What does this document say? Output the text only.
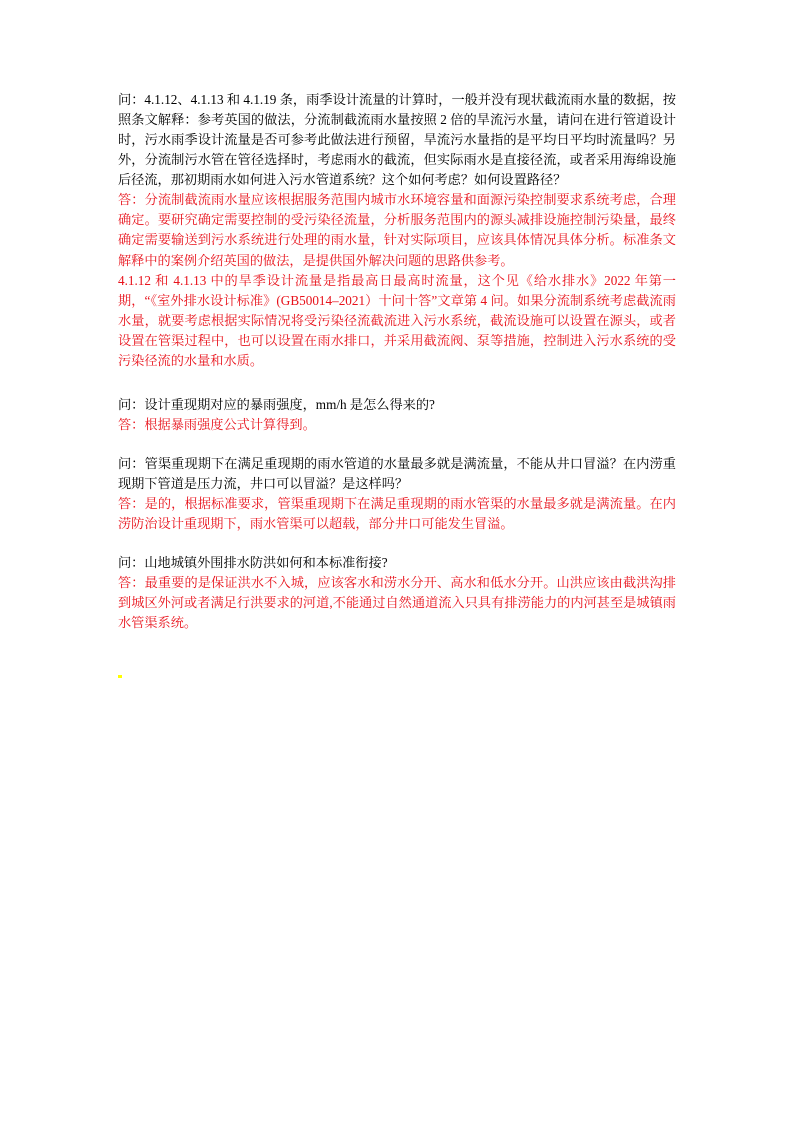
问：4.1.12、4.1.13 和 4.1.19 条，雨季设计流量的计算时，一般并没有现状截流雨水量的数据，按照条文解释：参考英国的做法，分流制截流雨水量按照 2 倍的旱流污水量，请问在进行管道设计时，污水雨季设计流量是否可参考此做法进行预留，旱流污水量指的是平均日平均时流量吗？另外，分流制污水管在管径选择时，考虑雨水的截流，但实际雨水是直接径流，或者采用海绵设施后径流，那初期雨水如何进入污水管道系统？这个如何考虑？如何设置路径？

答：分流制截流雨水量应该根据服务范围内城市水环境容量和面源污染控制要求系统考虑，合理确定。要研究确定需要控制的受污染径流量，分析服务范围内的源头减排设施控制污染量，最终确定需要输送到污水系统进行处理的雨水量，针对实际项目，应该具体情况具体分析。标准条文解释中的案例介绍英国的做法，是提供国外解决问题的思路供参考。

4.1.12 和 4.1.13 中的旱季设计流量是指最高日最高时流量，这个见《给水排水》2022 年第一期，“《室外排水设计标准》(GB50014–2021）十问十答”文章第 4 问。如果分流制系统考虑截流雨水量，就要考虑根据实际情况将受污染径流截流进入污水系统，截流设施可以设置在源头，或者设置在管渠过程中，也可以设置在雨水排口，并采用截流阀、泵等措施，控制进入污水系统的受污染径流的水量和水质。

问：设计重现期对应的暴雨强度，mm/h 是怎么得来的?

答：根据暴雨强度公式计算得到。

问：管渠重现期下在满足重现期的雨水管道的水量最多就是满流量，不能从井口冒溢？在内涝重现期下管道是压力流，井口可以冒溢？是这样吗？

答：是的，根据标准要求，管渠重现期下在满足重现期的雨水管渠的水量最多就是满流量。在内涝防治设计重现期下，雨水管渠可以超载，部分井口可能发生冒溢。

问：山地城镇外围排水防洪如何和本标准衔接?

答：最重要的是保证洪水不入城，应该客水和涝水分开、高水和低水分开。山洪应该由截洪沟排到城区外河或者满足行洪要求的河道,不能通过自然通道流入只具有排涝能力的内河甚至是城镇雨水管渠系统。
